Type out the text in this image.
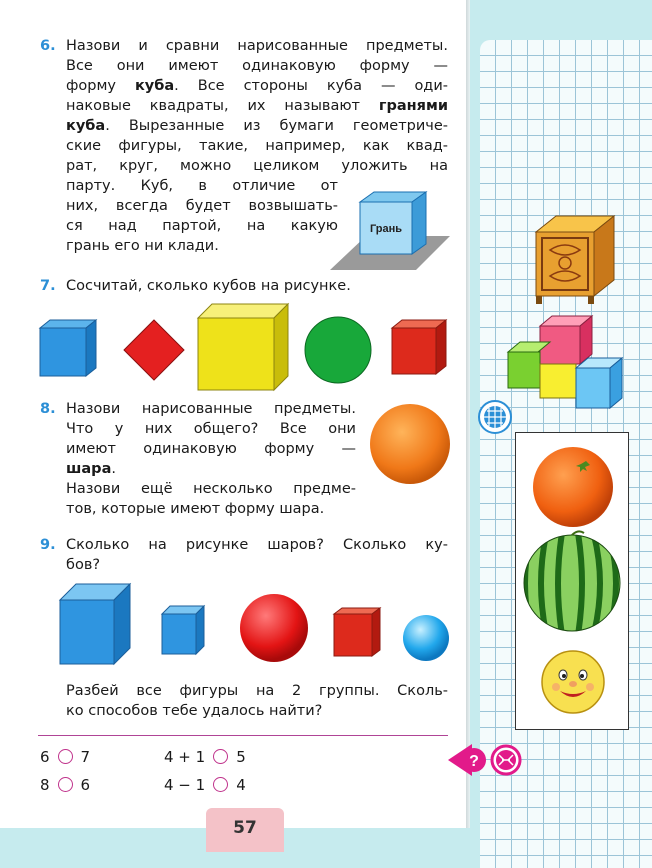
6. Назови и сравни нарисованные предметы.
Все они имеют одинаковую форму —
форму куба. Все стороны куба — оди-
наковые квадраты, их называют гранями
куба. Вырезанные из бумаги геометриче-
ские фигуры, такие, например, как квад-
рат, круг, можно целиком уложить на
парту. Куб, в отличие от
них, всегда будет возвышать-
ся над партой, на какую
грань его ни клади.
Грань
7. Сосчитай, сколько кубов на рисунке.
8. Назови нарисованные предметы.
Что у них общего? Все они
имеют одинаковую форму —
шара.
Назови ещё несколько предме-
тов, которые имеют форму шара.
9. Сколько на рисунке шаров? Сколько ку-
бов?
Разбей все фигуры на 2 группы. Сколь-
ко способов тебе удалось найти?
6 7	4 + 1 5
8 6	4 − 1 4
57
?
